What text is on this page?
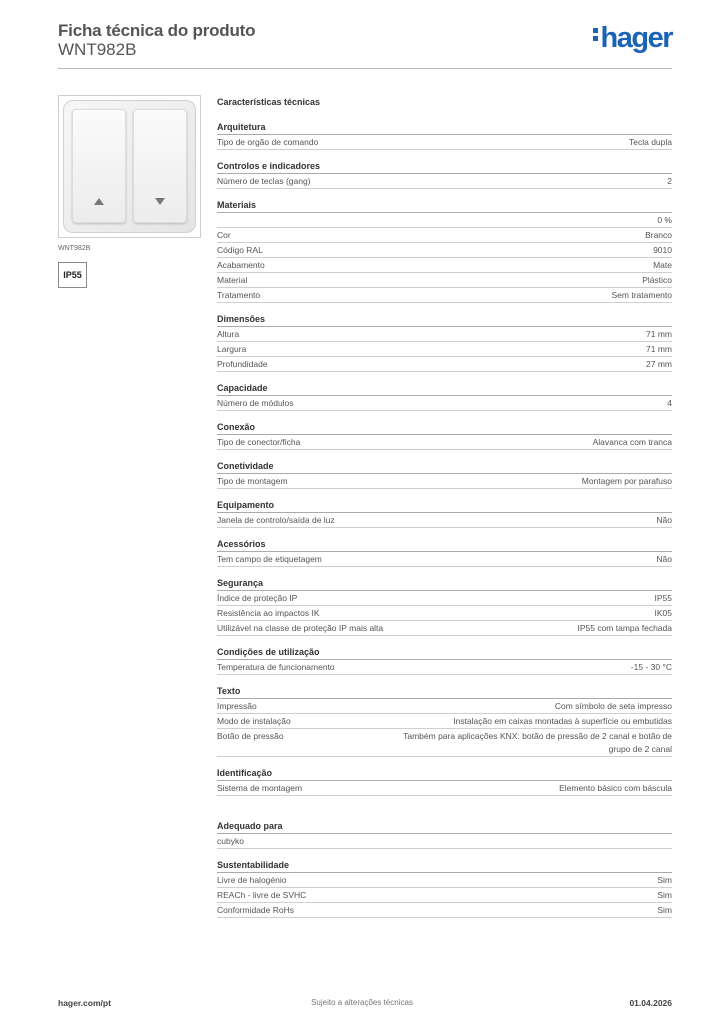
Ficha técnica do produto
WNT982B	hager
WNT982B
IP55
Características técnicas
Arquitetura
Tipo de orgão de comando	Tecla dupla
Controlos e indicadores
Número de teclas (gang)	2
Materiais
0 %
Cor	Branco
Código RAL	9010
Acabamento	Mate
Material	Plástico
Tratamento	Sem tratamento
Dimensões
Altura	71 mm
Largura	71 mm
Profundidade	27 mm
Capacidade
Número de módulos	4
Conexão
Tipo de conector/ficha	Alavanca com tranca
Conetividade
Tipo de montagem	Montagem por parafuso
Equipamento
Janela de controlo/saída de luz	Não
Acessórios
Tem campo de etiquetagem	Não
Segurança
Índice de proteção IP	IP55
Resistência ao impactos IK	IK05
Utilizável na classe de proteção IP mais alta	IP55 com tampa fechada
Condições de utilização
Temperatura de funcionamento	-15 - 30 °C
Texto
Impressão	Com símbolo de seta impresso
Modo de instalação	Instalação em caixas montadas à superfície ou embutidas
Botão de pressão	Também para aplicações KNX: botão de pressão de 2 canal e botão de grupo de 2 canal
Identificação
Sistema de montagem	Elemento básico com báscula
Adequado para
cubyko
Sustentabilidade
Livre de halogénio	Sim
REACh - livre de SVHC	Sim
Conformidade RoHs	Sim
hager.com/pt	Sujeito a alterações técnicas	01.04.2026
